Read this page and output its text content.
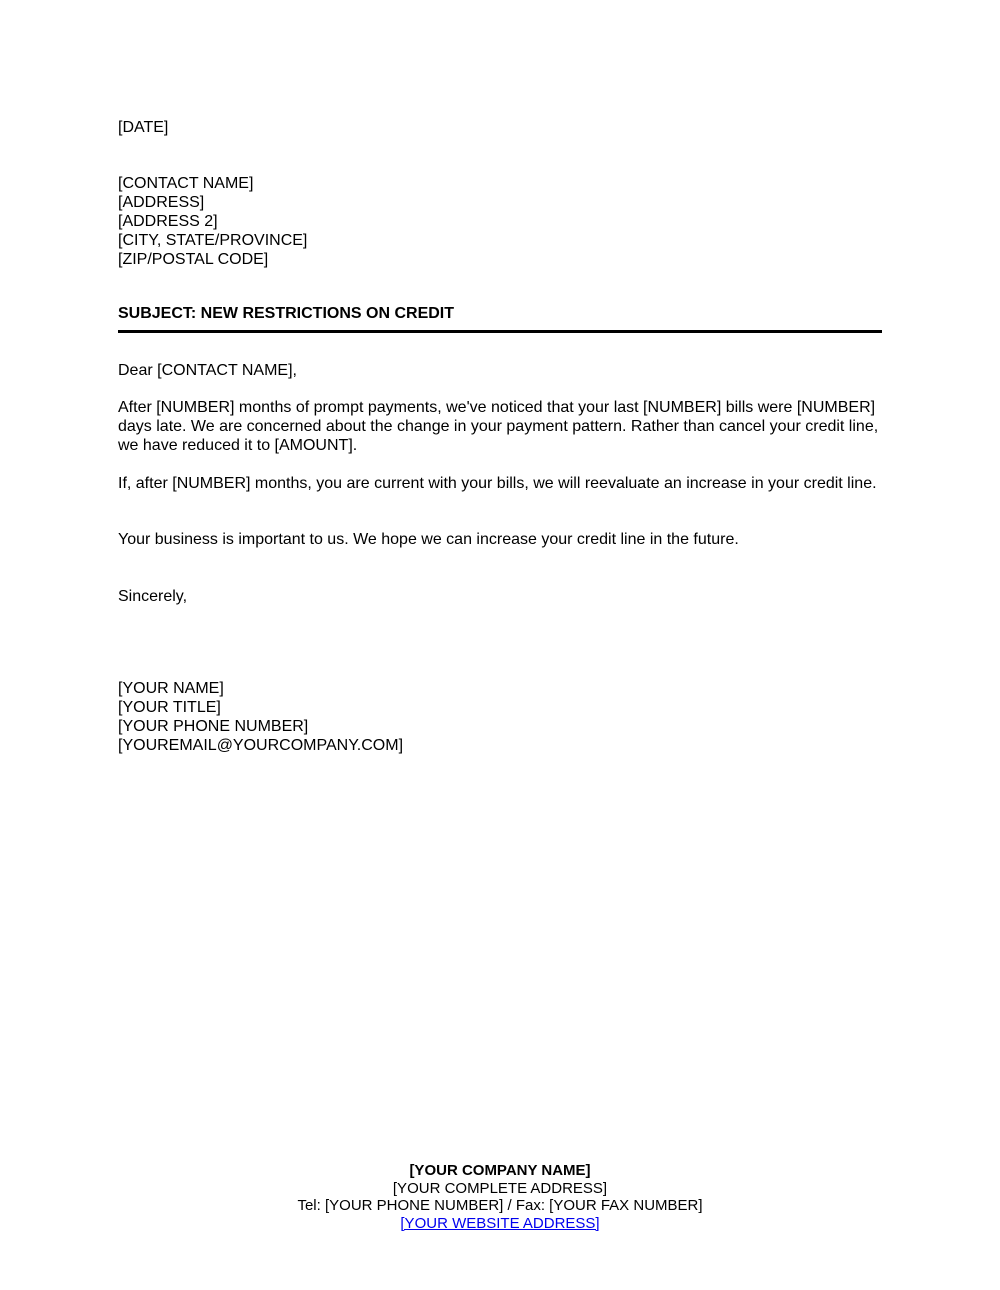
[DATE]
[CONTACT NAME]
[ADDRESS]
[ADDRESS 2]
[CITY, STATE/PROVINCE]
[ZIP/POSTAL CODE]
SUBJECT: NEW RESTRICTIONS ON CREDIT
Dear [CONTACT NAME],
After [NUMBER] months of prompt payments, we've noticed that your last [NUMBER] bills were [NUMBER] days late. We are concerned about the change in your payment pattern. Rather than cancel your credit line, we have reduced it to [AMOUNT].
If, after [NUMBER] months, you are current with your bills, we will reevaluate an increase in your credit line.
Your business is important to us. We hope we can increase your credit line in the future.
Sincerely,
[YOUR NAME]
[YOUR TITLE]
[YOUR PHONE NUMBER]
[YOUREMAIL@YOURCOMPANY.COM]
[YOUR COMPANY NAME]
[YOUR COMPLETE ADDRESS]
Tel: [YOUR PHONE NUMBER] / Fax: [YOUR FAX NUMBER]
[YOUR WEBSITE ADDRESS]
